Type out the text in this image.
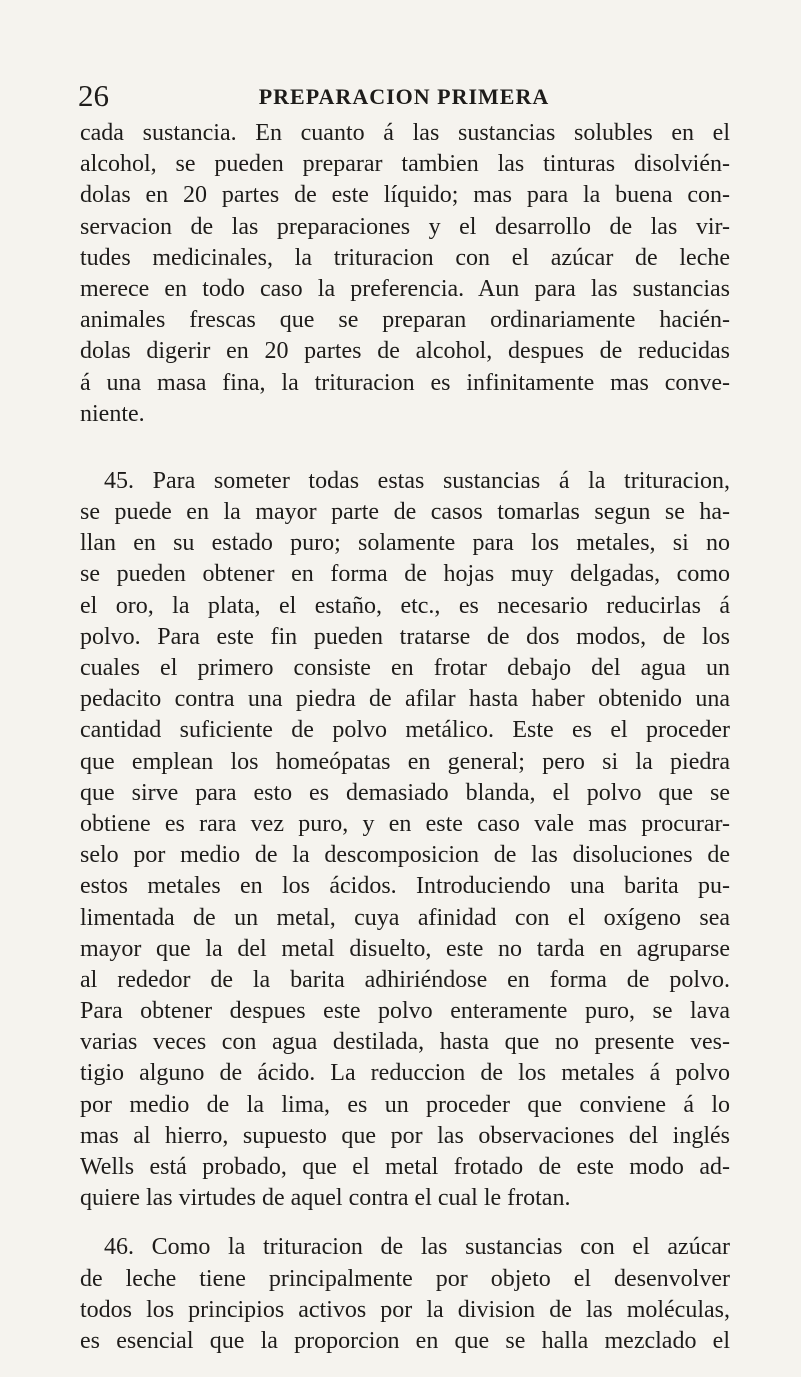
26	PREPARACION PRIMERA
cada sustancia. En cuanto á las sustancias solubles en el
alcohol, se pueden preparar tambien las tinturas disolvién-
dolas en 20 partes de este líquido; mas para la buena con-
servacion de las preparaciones y el desarrollo de las vir-
tudes medicinales, la trituracion con el azúcar de leche
merece en todo caso la preferencia. Aun para las sustancias
animales frescas que se preparan ordinariamente hacién-
dolas digerir en 20 partes de alcohol, despues de reducidas
á una masa fina, la trituracion es infinitamente mas conve-
niente.
45. Para someter todas estas sustancias á la trituracion,
se puede en la mayor parte de casos tomarlas segun se ha-
llan en su estado puro; solamente para los metales, si no
se pueden obtener en forma de hojas muy delgadas, como
el oro, la plata, el estaño, etc., es necesario reducirlas á
polvo. Para este fin pueden tratarse de dos modos, de los
cuales el primero consiste en frotar debajo del agua un
pedacito contra una piedra de afilar hasta haber obtenido una
cantidad suficiente de polvo metálico. Este es el proceder
que emplean los homeópatas en general; pero si la piedra
que sirve para esto es demasiado blanda, el polvo que se
obtiene es rara vez puro, y en este caso vale mas procurar-
selo por medio de la descomposicion de las disoluciones de
estos metales en los ácidos. Introduciendo una barita pu-
limentada de un metal, cuya afinidad con el oxígeno sea
mayor que la del metal disuelto, este no tarda en agruparse
al rededor de la barita adhiriéndose en forma de polvo.
Para obtener despues este polvo enteramente puro, se lava
varias veces con agua destilada, hasta que no presente ves-
tigio alguno de ácido. La reduccion de los metales á polvo
por medio de la lima, es un proceder que conviene á lo
mas al hierro, supuesto que por las observaciones del inglés
Wells está probado, que el metal frotado de este modo ad-
quiere las virtudes de aquel contra el cual le frotan.
46. Como la trituracion de las sustancias con el azúcar
de leche tiene principalmente por objeto el desenvolver
todos los principios activos por la division de las moléculas,
es esencial que la proporcion en que se halla mezclado el
